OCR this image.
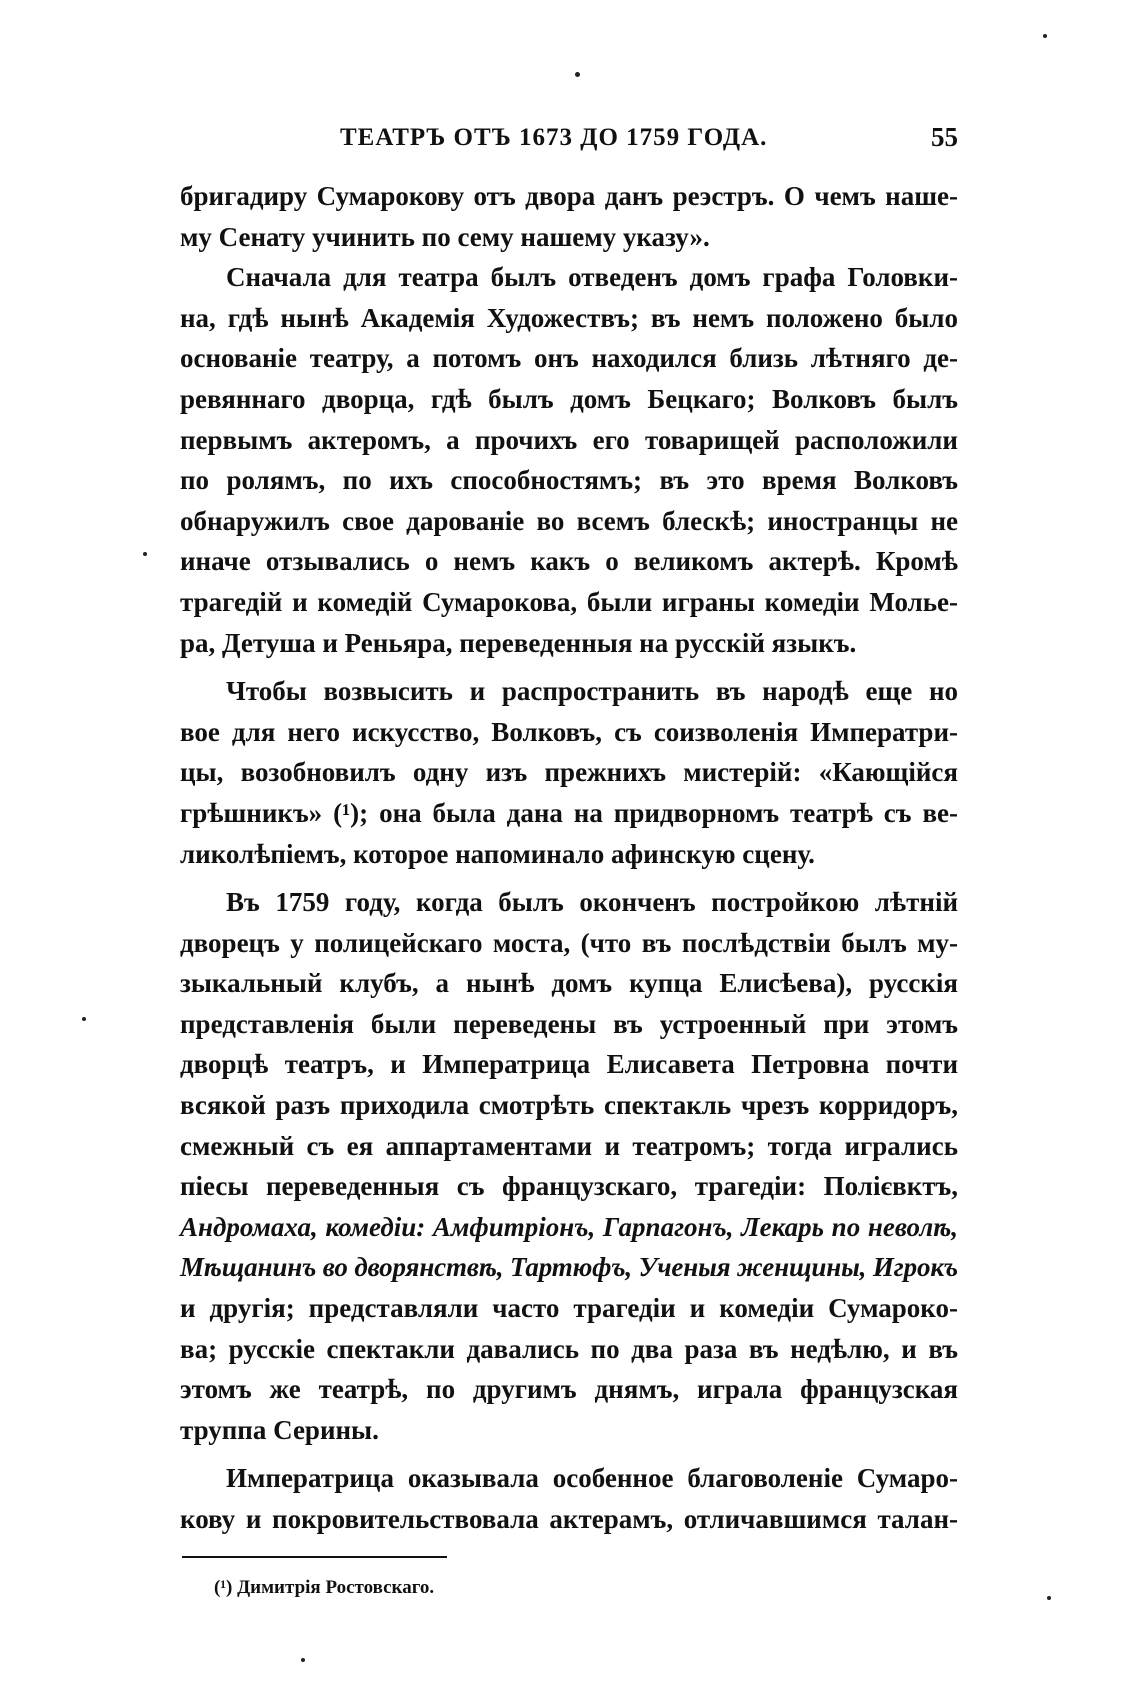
ТЕАТРЪ ОТЪ 1673 ДО 1759 ГОДА.	55
бригадиру Сумарокову отъ двора данъ реэстръ. О чемъ наше-
му Сенату учинить по сему нашему указу».
Сначала для театра былъ отведенъ домъ графа Головки-
на, гдѣ нынѣ Академія Художествъ; въ немъ положено было
основаніе театру, а потомъ онъ находился близь лѣтняго де-
ревяннаго дворца, гдѣ былъ домъ Бецкаго; Волковъ былъ
первымъ актеромъ, а прочихъ его товарищей расположили
по ролямъ, по ихъ способностямъ; въ это время Волковъ
обнаружилъ свое дарованіе во всемъ блескѣ; иностранцы не
иначе отзывались о немъ какъ о великомъ актерѣ. Кромѣ
трагедій и комедій Сумарокова, были играны комедіи Мольe-
ра, Детуша и Реньяра, переведенныя на русскій языкъ.
Чтобы возвысить и распространить въ народѣ еще но
вое для него искусство, Волковъ, съ соизволенія Императри-
цы, возобновилъ одну изъ прежнихъ мистерій: «Кающійся
грѣшникъ» (¹); она была дана на придворномъ театрѣ съ ве-
ликолѣпіемъ, которое напоминало афинскую сцену.
Въ 1759 году, когда былъ оконченъ постройкою лѣтній
дворецъ у полицейскаго моста, (что въ послѣдствіи былъ му-
зыкальный клубъ, а нынѣ домъ купца Елисѣева), русскія
представленія были переведены въ устроенный при этомъ
дворцѣ театръ, и Императрица Елисавета Петровна почти
всякой разъ приходила смотрѣть спектакль чрезъ корридоръ,
смежный съ ея аппартаментами и театромъ; тогда игрались
піесы переведенныя съ французскаго, трагедіи: Полієвктъ,
Андромаха, комедіи: Амфитріонъ, Гарпагонъ, Лекарь по неволѣ,
Мѣщанинъ во дворянствѣ, Тартюфъ, Ученыя женщины, Игрокъ
и другія; представляли часто трагедіи и комедіи Сумароко-
ва; русскіе спектакли давались по два раза въ недѣлю, и въ
этомъ же театрѣ, по другимъ днямъ, играла французская
труппа Серины.
Императрица оказывала особенное благоволеніе Сумаро-
кову и покровительствовала актерамъ, отличавшимся талан-
(¹) Димитрія Ростовскаго.
